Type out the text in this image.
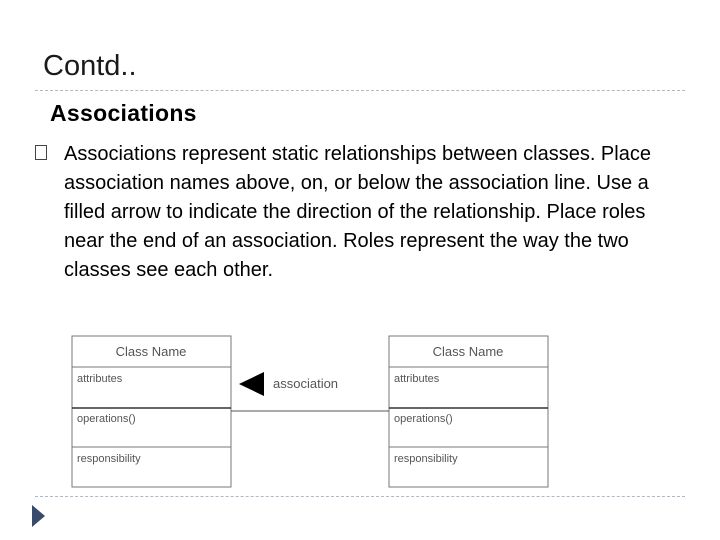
Contd..
Associations
Associations represent static relationships between classes. Place association names above, on, or below the association line. Use a filled arrow to indicate the direction of the relationship. Place roles near the end of an association. Roles represent the way the two classes see each other.
Class Name
attributes
operations()
responsibility
Class Name
attributes
operations()
responsibility
association
